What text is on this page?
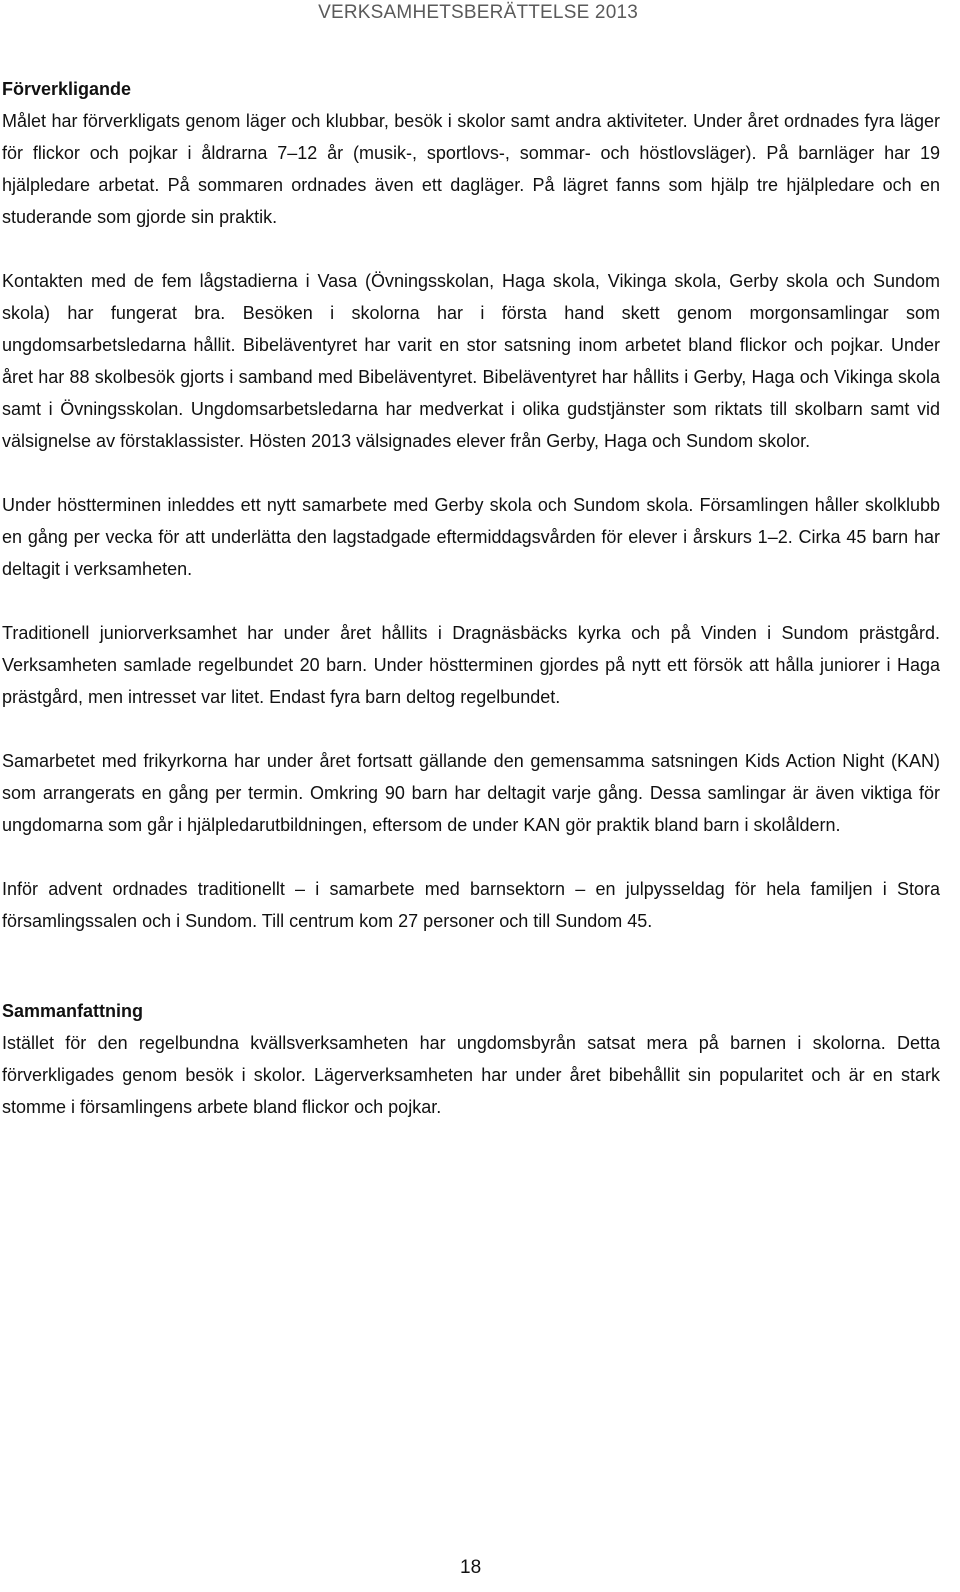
VERKSAMHETSBERÄTTELSE 2013
Förverkligande

Målet har förverkligats genom läger och klubbar, besök i skolor samt andra aktiviteter. Under året ordnades fyra läger för flickor och pojkar i åldrarna 7–12 år (musik-, sportlovs-, sommar- och höstlovsläger). På barnläger har 19 hjälpledare arbetat. På sommaren ordnades även ett dagläger. På lägret fanns som hjälp tre hjälpledare och en studerande som gjorde sin praktik.

Kontakten med de fem lågstadierna i Vasa (Övningsskolan, Haga skola, Vikinga skola, Gerby skola och Sundom skola) har fungerat bra. Besöken i skolorna har i första hand skett genom morgonsamlingar som ungdomsarbetsledarna hållit. Bibeläventyret har varit en stor satsning inom arbetet bland flickor och pojkar. Under året har 88 skolbesök gjorts i samband med Bibeläventyret. Bibeläventyret har hållits i Gerby, Haga och Vikinga skola samt i Övningsskolan. Ungdomsarbetsledarna har medverkat i olika gudstjänster som riktats till skolbarn samt vid välsignelse av förstaklassister. Hösten 2013 välsignades elever från Gerby, Haga och Sundom skolor.

Under höstterminen inleddes ett nytt samarbete med Gerby skola och Sundom skola. Församlingen håller skolklubb en gång per vecka för att underlätta den lagstadgade eftermiddagsvården för elever i årskurs 1–2. Cirka 45 barn har deltagit i verksamheten.

Traditionell juniorverksamhet har under året hållits i Dragnäsbäcks kyrka och på Vinden i Sundom prästgård. Verksamheten samlade regelbundet 20 barn. Under höstterminen gjordes på nytt ett försök att hålla juniorer i Haga prästgård, men intresset var litet. Endast fyra barn deltog regelbundet.

Samarbetet med frikyrkorna har under året fortsatt gällande den gemensamma satsningen Kids Action Night (KAN) som arrangerats en gång per termin. Omkring 90 barn har deltagit varje gång. Dessa samlingar är även viktiga för ungdomarna som går i hjälpledarutbildningen, eftersom de under KAN gör praktik bland barn i skolåldern.

Inför advent ordnades traditionellt – i samarbete med barnsektorn – en julpysseldag för hela familjen i Stora församlingssalen och i Sundom. Till centrum kom 27 personer och till Sundom 45.

Sammanfattning

Istället för den regelbundna kvällsverksamheten har ungdomsbyrån satsat mera på barnen i skolorna. Detta förverkligades genom besök i skolor. Lägerverksamheten har under året bibehållit sin popularitet och är en stark stomme i församlingens arbete bland flickor och pojkar.

18
